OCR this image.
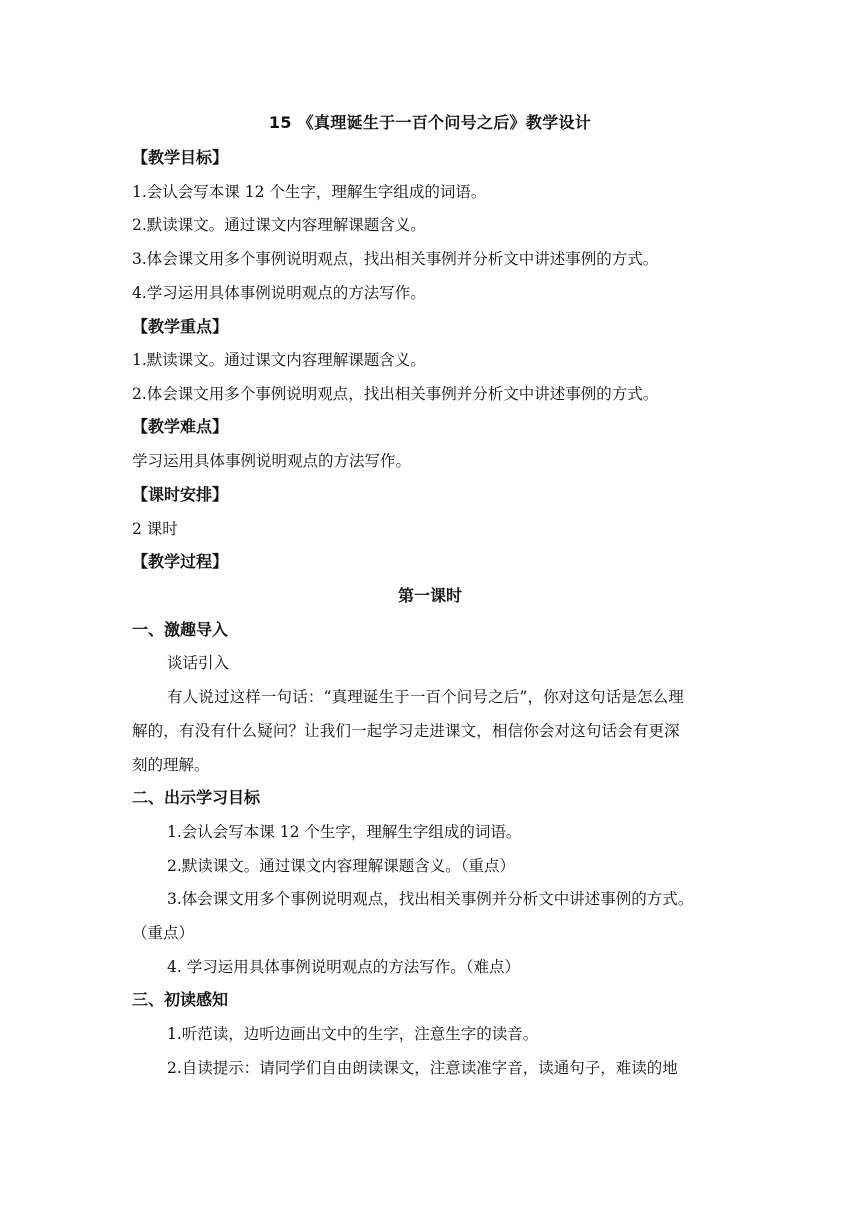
15 《真理诞生于一百个问号之后》教学设计
【教学目标】
1.会认会写本课 12 个生字，理解生字组成的词语。
2.默读课文。通过课文内容理解课题含义。
3.体会课文用多个事例说明观点，找出相关事例并分析文中讲述事例的方式。
4.学习运用具体事例说明观点的方法写作。
【教学重点】
1.默读课文。通过课文内容理解课题含义。
2.体会课文用多个事例说明观点，找出相关事例并分析文中讲述事例的方式。
【教学难点】
学习运用具体事例说明观点的方法写作。
【课时安排】
2 课时
【教学过程】
第一课时
一、激趣导入
谈话引入
有人说过这样一句话：“真理诞生于一百个问号之后”，你对这句话是怎么理
解的，有没有什么疑问？让我们一起学习走进课文，相信你会对这句话会有更深
刻的理解。
二、出示学习目标
1.会认会写本课 12 个生字，理解生字组成的词语。
2.默读课文。通过课文内容理解课题含义。（重点）
3.体会课文用多个事例说明观点，找出相关事例并分析文中讲述事例的方式。
（重点）
4. 学习运用具体事例说明观点的方法写作。（难点）
三、初读感知
1.听范读，边听边画出文中的生字，注意生字的读音。
2.自读提示：请同学们自由朗读课文，注意读准字音，读通句子，难读的地
